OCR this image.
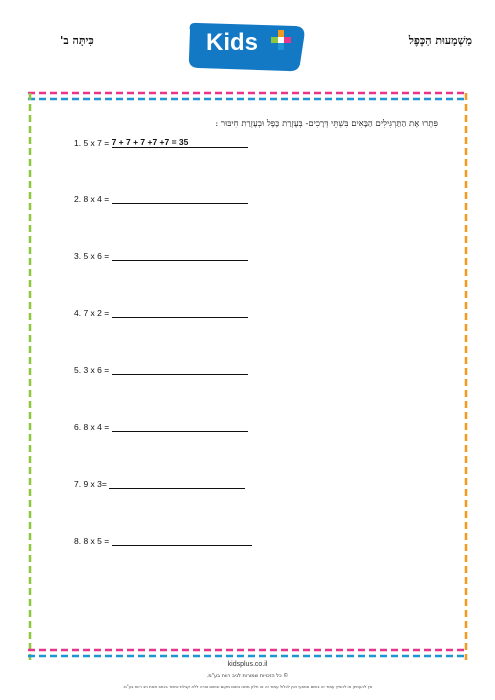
מַשְׁמָעוּת הַכֶּפֶל
כִּיתָּה ב'	Kids
ניב רווח
פִּתְרוּ אֶת הַתַּרְגִּילִים הַבָּאִים בִּשְׁתֵּי דְּרָכִים- בְּעֶזְרַת כֶּפֶל וּבְעֶזְרַת חִיבּוּר :
1. 5 x 7 = 7 + 7 + 7 +7 +7 = 35
2. 8 x 4 =
3. 5 x 6 =
4. 7 x 2 =
5. 3 x 6 =
6. 8 x 4 =
7. 9 x 3=
8. 8 x 5 =
kidsplus.co.il
© כל הזכויות שמורות לניב רווח בע"מ.
אין להעתיק או להפיץ עמוד זה בשום אמצעי ואין לכלול עמוד זה או חלק ממנו בשום מקום ובשום צורה ללא קבלת אישור בכתב מאת ניב רווח בע"מ.
